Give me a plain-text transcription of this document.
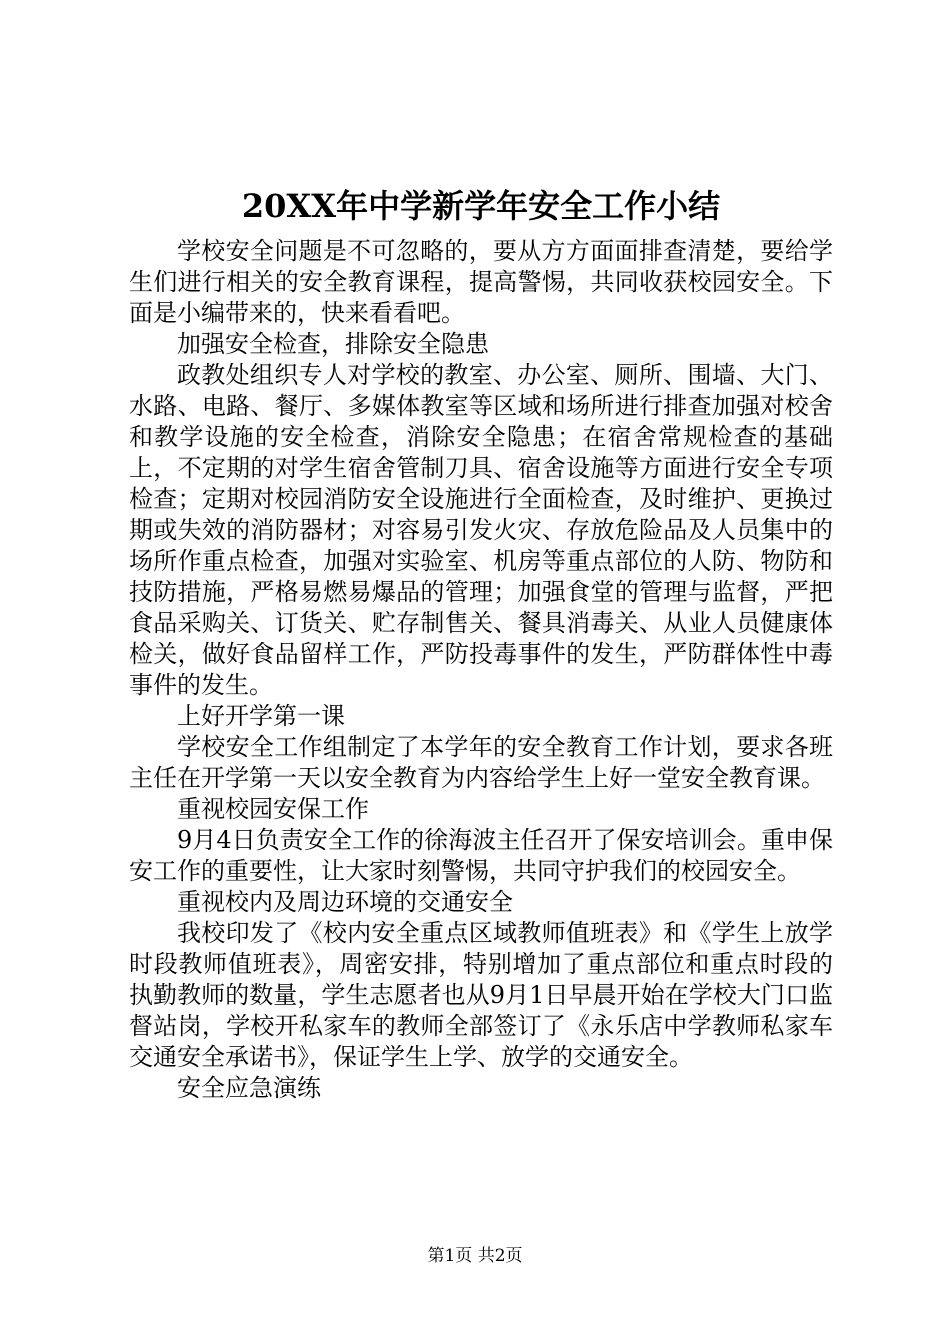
20XX年中学新学年安全工作小结

学校安全问题是不可忽略的，要从方方面面排查清楚，要给学生们进行相关的安全教育课程，提高警惕，共同收获校园安全。下面是小编带来的，快来看看吧。

加强安全检查，排除安全隐患

政教处组织专人对学校的教室、办公室、厕所、围墙、大门、水路、电路、餐厅、多媒体教室等区域和场所进行排查加强对校舍和教学设施的安全检查，消除安全隐患；在宿舍常规检查的基础上，不定期的对学生宿舍管制刀具、宿舍设施等方面进行安全专项检查；定期对校园消防安全设施进行全面检查，及时维护、更换过期或失效的消防器材；对容易引发火灾、存放危险品及人员集中的场所作重点检查，加强对实验室、机房等重点部位的人防、物防和技防措施，严格易燃易爆品的管理；加强食堂的管理与监督，严把食品采购关、订货关、贮存制售关、餐具消毒关、从业人员健康体检关，做好食品留样工作，严防投毒事件的发生，严防群体性中毒事件的发生。

上好开学第一课

学校安全工作组制定了本学年的安全教育工作计划，要求各班主任在开学第一天以安全教育为内容给学生上好一堂安全教育课。

重视校园安保工作

9月4日负责安全工作的徐海波主任召开了保安培训会。重申保安工作的重要性，让大家时刻警惕，共同守护我们的校园安全。

重视校内及周边环境的交通安全

我校印发了《校内安全重点区域教师值班表》和《学生上放学时段教师值班表》，周密安排，特别增加了重点部位和重点时段的执勤教师的数量，学生志愿者也从9月1日早晨开始在学校大门口监督站岗，学校开私家车的教师全部签订了《永乐店中学教师私家车交通安全承诺书》，保证学生上学、放学的交通安全。

安全应急演练

第1页 共2页
